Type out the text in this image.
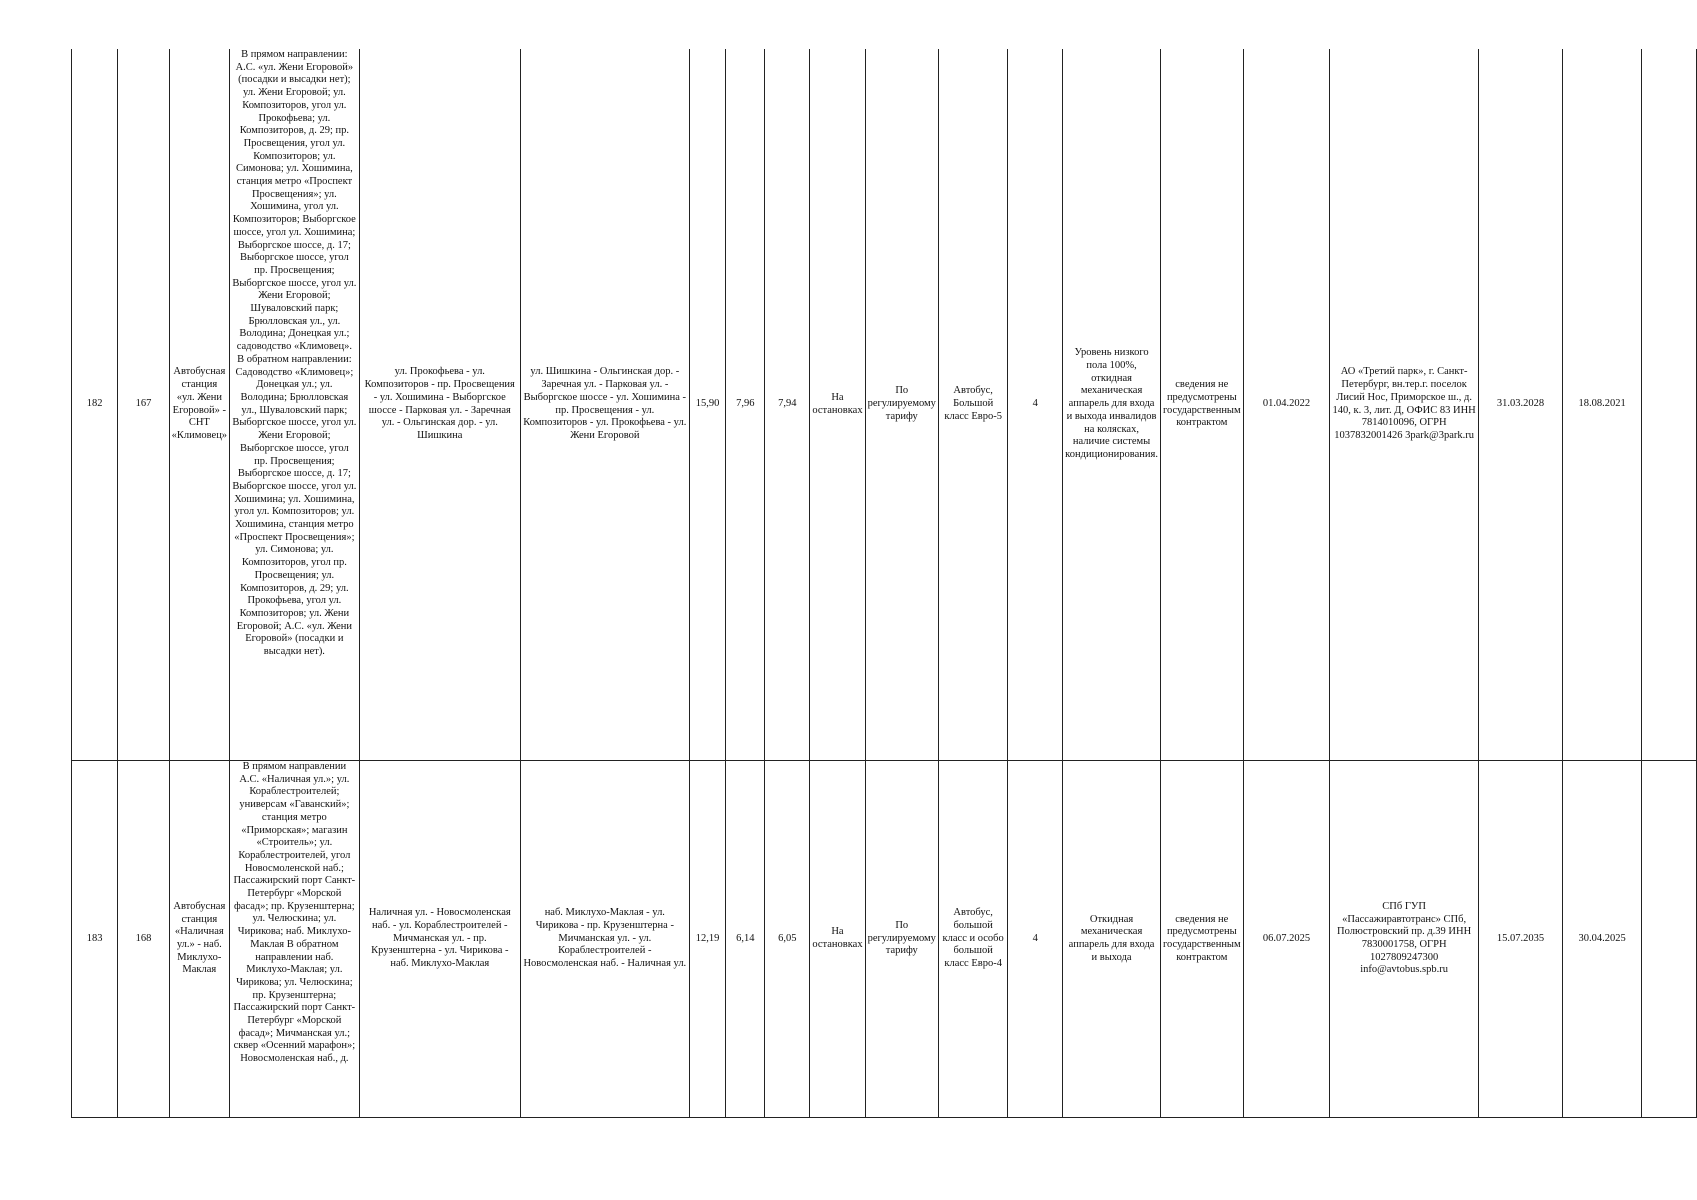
182	167	Автобусная станция «ул. Жени Егоровой» - СНТ «Климовец»	В прямом направлении: А.С. «ул. Жени Егоровой» (посадки и высадки нет); ул. Жени Егоровой; ул. Композиторов, угол ул. Прокофьева; ул. Композиторов, д. 29; пр. Просвещения, угол ул. Композиторов; ул. Симонова; ул. Хошимина, станция метро «Проспект Просвещения»; ул. Хошимина, угол ул. Композиторов; Выборгское шоссе, угол ул. Хошимина; Выборгское шоссе, д. 17; Выборгское шоссе, угол пр. Просвещения; Выборгское шоссе, угол ул. Жени Егоровой; Шуваловский парк; Брюлловская ул., ул. Володина; Донецкая ул.; садоводство «Климовец». В обратном направлении: Садоводство «Климовец»; Донецкая ул.; ул. Володина; Брюлловская ул., Шуваловский парк; Выборгское шоссе, угол ул. Жени Егоровой; Выборгское шоссе, угол пр. Просвещения; Выборгское шоссе, д. 17; Выборгское шоссе, угол ул. Хошимина; ул. Хошимина, угол ул. Композиторов; ул. Хошимина, станция метро «Проспект Просвещения»; ул. Симонова; ул. Композиторов, угол пр. Просвещения; ул. Композиторов, д. 29; ул. Прокофьева, угол ул. Композиторов; ул. Жени Егоровой; А.С. «ул. Жени Егоровой» (посадки и высадки нет).	ул. Прокофьева - ул. Композиторов - пр. Просвещения - ул. Хошимина - Выборгское шоссе - Парковая ул. - Заречная ул. - Ольгинская дор. - ул. Шишкина	ул. Шишкина - Ольгинская дор. - Заречная ул. - Парковая ул. - Выборгское шоссе - ул. Хошимина - пр. Просвещения - ул. Композиторов - ул. Прокофьева - ул. Жени Егоровой	15,90	7,96	7,94	На остановках	По регулируемому тарифу	Автобус, Большой класс Евро-5	4	Уровень низкого пола 100%, откидная механическая аппарель для входа и выхода инвалидов на колясках, наличие системы кондиционирования.	сведения не предусмотрены государственным контрактом	01.04.2022	АО «Третий парк», г. Санкт-Петербург, вн.тер.г. поселок Лисий Нос, Приморское ш., д. 140, к. 3, лит. Д, ОФИС 83 ИНН 7814010096, ОГРН 1037832001426 3park@3park.ru	31.03.2028	18.08.2021	
183	168	Автобусная станция «Наличная ул.» - наб. Миклухо-Маклая	В прямом направлении А.С. «Наличная ул.»; ул. Кораблестроителей; универсам «Гаванский»; станция метро «Приморская»; магазин «Строитель»; ул. Кораблестроителей, угол Новосмоленской наб.; Пассажирский порт Санкт-Петербург «Морской фасад»; пр. Крузенштерна; ул. Челюскина; ул. Чирикова; наб. Миклухо-Маклая В обратном направлении наб. Миклухо-Маклая; ул. Чирикова; ул. Челюскина; пр. Крузенштерна; Пассажирский порт Санкт-Петербург «Морской фасад»; Мичманская ул.; сквер «Осенний марафон»; Новосмоленская наб., д.	Наличная ул. - Новосмоленская наб. - ул. Кораблестроителей - Мичманская ул. - пр. Крузенштерна - ул. Чирикова - наб. Миклухо-Маклая	наб. Миклухо-Маклая - ул. Чирикова - пр. Крузенштерна - Мичманская ул. - ул. Кораблестроителей - Новосмоленская наб. - Наличная ул.	12,19	6,14	6,05	На остановках	По регулируемому тарифу	Автобус, большой класс и особо большой класс Евро-4	4	Откидная механическая аппарель для входа и выхода	сведения не предусмотрены государственным контрактом	06.07.2025	СПб ГУП «Пассажиравтотранс» СПб, Полюстровский пр. д.39 ИНН 7830001758, ОГРН 1027809247300 info@avtobus.spb.ru	15.07.2035	30.04.2025	
